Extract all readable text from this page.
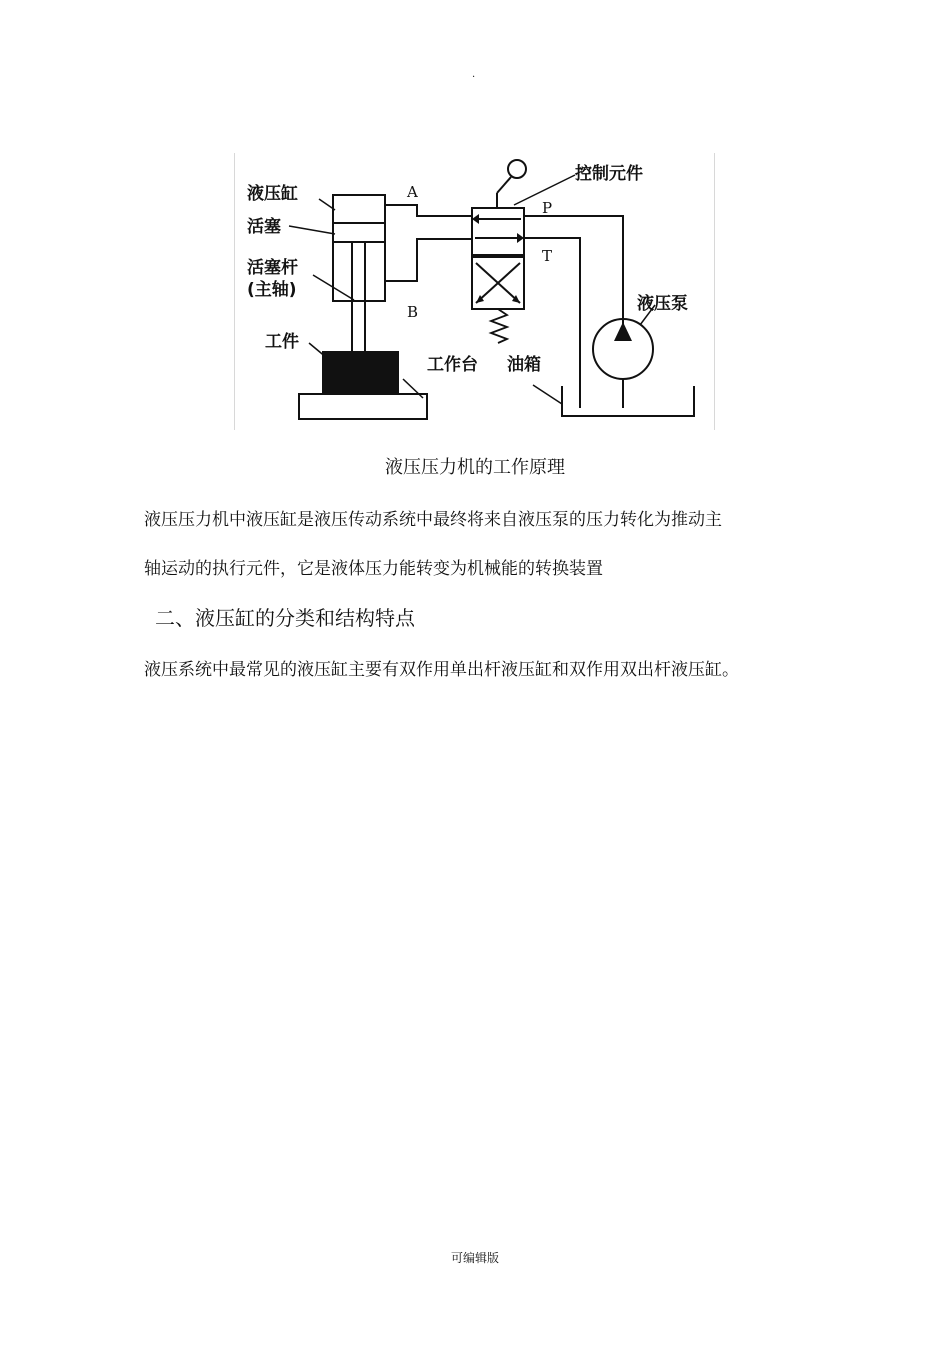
.
液压缸
活塞
活塞杆
(主轴)
工件
工作台 油箱
液压泵
控制元件
A
B
P
T
液压压力机的工作原理
液压压力机中液压缸是液压传动系统中最终将来自液压泵的压力转化为推动主
轴运动的执行元件，它是液体压力能转变为机械能的转换装置
二、液压缸的分类和结构特点
液压系统中最常见的液压缸主要有双作用单出杆液压缸和双作用双出杆液压缸。
可编辑版
